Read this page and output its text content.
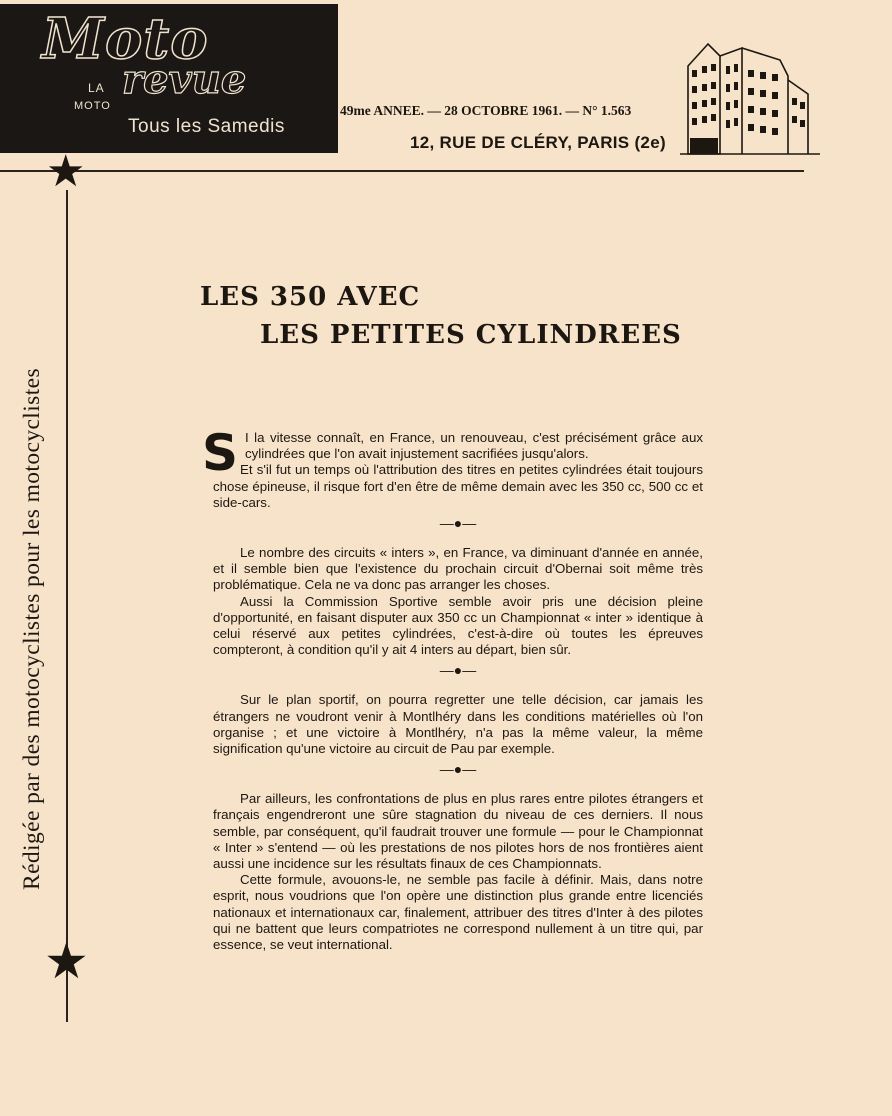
Moto
LA
MOTO
revue
Tous les Samedis
49me ANNEE. — 28 OCTOBRE 1961. — N° 1.563
12, RUE DE CLÉRY, PARIS (2e)
★
★
Rédigée par des motocyclistes pour les motocyclistes
LES 350 AVEC
LES PETITES CYLINDREES
S I la vitesse connaît, en France, un renouveau, c'est précisément grâce aux cylindrées que l'on avait injustement sacrifiées jusqu'alors.

Et s'il fut un temps où l'attribution des titres en petites cylindrées était toujours chose épineuse, il risque fort d'en être de même demain avec les 350 cc, 500 cc et side-cars.

—●—

Le nombre des circuits « inters », en France, va diminuant d'année en année, et il semble bien que l'existence du prochain circuit d'Obernai soit même très problématique. Cela ne va donc pas arranger les choses.

Aussi la Commission Sportive semble avoir pris une décision pleine d'opportunité, en faisant disputer aux 350 cc un Championnat « inter » identique à celui réservé aux petites cylindrées, c'est-à-dire où toutes les épreuves compteront, à condition qu'il y ait 4 inters au départ, bien sûr.

—●—

Sur le plan sportif, on pourra regretter une telle décision, car jamais les étrangers ne voudront venir à Montlhéry dans les conditions matérielles où l'on organise ; et une victoire à Montlhéry, n'a pas la même valeur, la même signification qu'une victoire au circuit de Pau par exemple.

—●—

Par ailleurs, les confrontations de plus en plus rares entre pilotes étrangers et français engendreront une sûre stagnation du niveau de ces derniers. Il nous semble, par conséquent, qu'il faudrait trouver une formule — pour le Championnat « Inter » s'entend — où les prestations de nos pilotes hors de nos frontières aient aussi une incidence sur les résultats finaux de ces Championnats.

Cette formule, avouons-le, ne semble pas facile à définir. Mais, dans notre esprit, nous voudrions que l'on opère une distinction plus grande entre licenciés nationaux et internationaux car, finalement, attribuer des titres d'Inter à des pilotes qui ne battent que leurs compatriotes ne correspond nullement à un titre qui, par essence, se veut international.
